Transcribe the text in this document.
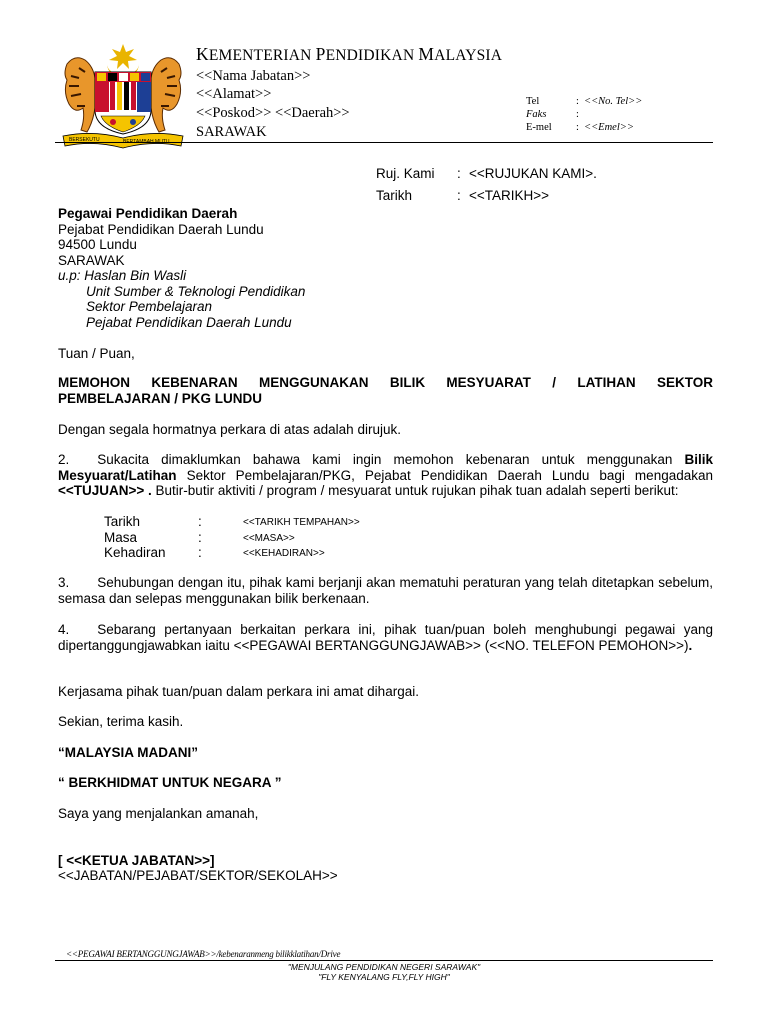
BERSEKUTU	BERTAMBAH MUTU
KEMENTERIAN PENDIDIKAN MALAYSIA
<<Nama Jabatan>>
<<Alamat>>
<<Poskod>> <<Daerah>>
SARAWAK
Tel	: <<No. Tel>>
Faks	:
E-mel	: <<Emel>>
Ruj. Kami : <<RUJUKAN KAMI>.
Tarikh	: <<TARIKH>>
Pegawai Pendidikan Daerah
Pejabat Pendidikan Daerah Lundu
94500 Lundu
SARAWAK
u.p: Haslan Bin Wasli
Unit Sumber & Teknologi Pendidikan
Sektor Pembelajaran
Pejabat Pendidikan Daerah Lundu
Tuan / Puan,
MEMOHON KEBENARAN MENGGUNAKAN BILIK MESYUARAT / LATIHAN SEKTOR
PEMBELAJARAN / PKG LUNDU
Dengan segala hormatnya perkara di atas adalah dirujuk.
2. Sukacita dimaklumkan bahawa kami ingin memohon kebenaran untuk menggunakan Bilik Mesyuarat/Latihan Sektor Pembelajaran/PKG, Pejabat Pendidikan Daerah Lundu bagi mengadakan <<TUJUAN>> . Butir-butir aktiviti / program / mesyuarat untuk rujukan pihak tuan adalah seperti berikut:
Tarikh	:	<<TARIKH TEMPAHAN>>
Masa	:	<<MASA>>
Kehadiran :	<<KEHADIRAN>>
3. Sehubungan dengan itu, pihak kami berjanji akan mematuhi peraturan yang telah ditetapkan sebelum, semasa dan selepas menggunakan bilik berkenaan.
4. Sebarang pertanyaan berkaitan perkara ini, pihak tuan/puan boleh menghubungi pegawai yang dipertanggungjawabkan iaitu <<PEGAWAI BERTANGGUNGJAWAB>> (<<NO. TELEFON PEMOHON>>).
Kerjasama pihak tuan/puan dalam perkara ini amat dihargai.
Sekian, terima kasih.
“MALAYSIA MADANI”
“ BERKHIDMAT UNTUK NEGARA ”
Saya yang menjalankan amanah,
[ <<KETUA JABATAN>>]
<<JABATAN/PEJABAT/SEKTOR/SEKOLAH>>
<<PEGAWAI BERTANGGUNGJAWAB>>/kebenaranmeng bilikklatihan/Drive
"MENJULANG PENDIDIKAN NEGERI SARAWAK"
"FLY KENYALANG FLY,FLY HIGH"
